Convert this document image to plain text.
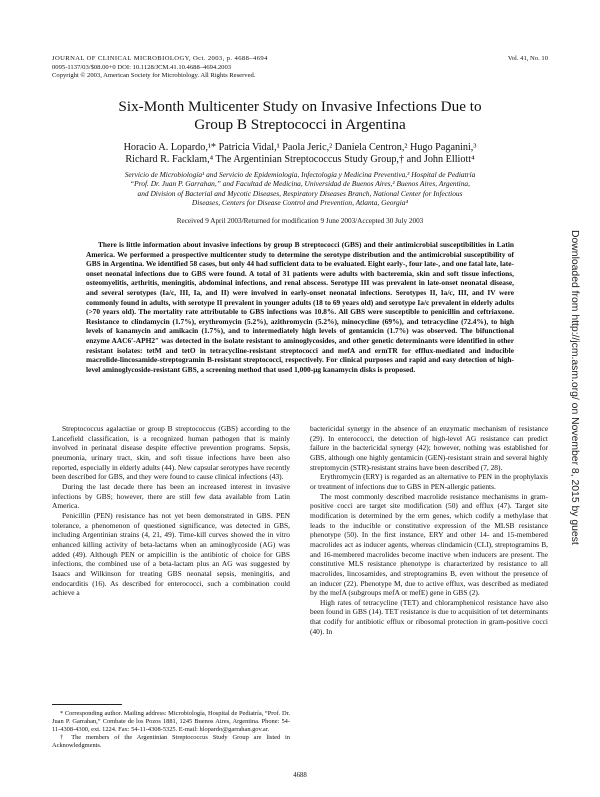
JOURNAL OF CLINICAL MICROBIOLOGY, Oct. 2003, p. 4688–4694
0095-1137/03/$08.00+0 DOI: 10.1128/JCM.41.10.4688–4694.2003
Copyright © 2003, American Society for Microbiology. All Rights Reserved.
Vol. 41, No. 10
Six-Month Multicenter Study on Invasive Infections Due to
Group B Streptococci in Argentina
Horacio A. Lopardo,¹* Patricia Vidal,¹ Paola Jeric,² Daniela Centron,² Hugo Paganini,³
Richard R. Facklam,⁴ The Argentinian Streptococcus Study Group,† and John Elliott⁴
Servicio de Microbiología¹ and Servicio de Epidemiología, Infectología y Medicina Preventiva,³ Hospital de Pediatría
“Prof. Dr. Juan P. Garrahan,” and Facultad de Medicina, Universidad de Buenos Aires,² Buenos Aires, Argentina,
and Division of Bacterial and Mycotic Diseases, Respiratory Diseases Branch, National Center for Infectious
Diseases, Centers for Disease Control and Prevention, Atlanta, Georgia⁴
Received 9 April 2003/Returned for modification 9 June 2003/Accepted 30 July 2003
There is little information about invasive infections by group B streptococci (GBS) and their antimicrobial susceptibilities in Latin America. We performed a prospective multicenter study to determine the serotype distribution and the antimicrobial susceptibility of GBS in Argentina. We identified 58 cases, but only 44 had sufficient data to be evaluated. Eight early-, four late-, and one fatal late, late-onset neonatal infections due to GBS were found. A total of 31 patients were adults with bacteremia, skin and soft tissue infections, osteomyelitis, arthritis, meningitis, abdominal infections, and renal abscess. Serotype III was prevalent in late-onset neonatal disease, and several serotypes (Ia/c, III, Ia, and II) were involved in early-onset neonatal infections. Serotypes II, Ia/c, III, and IV were commonly found in adults, with serotype II prevalent in younger adults (18 to 69 years old) and serotype Ia/c prevalent in elderly adults (>70 years old). The mortality rate attributable to GBS infections was 10.8%. All GBS were susceptible to penicillin and ceftriaxone. Resistance to clindamycin (1.7%), erythromycin (5.2%), azithromycin (5.2%), minocycline (69%), and tetracycline (72.4%), to high levels of kanamycin and amikacin (1.7%), and to intermediately high levels of gentamicin (1.7%) was observed. The bifunctional enzyme AAC6′-APH2″ was detected in the isolate resistant to aminoglycosides, and other genetic determinants were identified in other resistant isolates: tetM and tetO in tetracycline-resistant streptococci and mefA and ermTR for efflux-mediated and inducible macrolide-lincosamide-streptogramin B-resistant streptococci, respectively. For clinical purposes and rapid and easy detection of high-level aminoglycoside-resistant GBS, a screening method that used 1,000-μg kanamycin disks is proposed.

Streptococcus agalactiae or group B streptococcus (GBS) according to the Lancefield classification, is a recognized human pathogen that is mainly involved in perinatal disease despite effective prevention programs. Sepsis, pneumonia, urinary tract, skin, and soft tissue infections have been also reported, especially in elderly adults (44). New capsular serotypes have recently been described for GBS, and they were found to cause clinical infections (43).

During the last decade there has been an increased interest in invasive infections by GBS; however, there are still few data available from Latin America.

Penicillin (PEN) resistance has not yet been demonstrated in GBS. PEN tolerance, a phenomenon of questioned significance, was detected in GBS, including Argentinian strains (4, 21, 49). Time-kill curves showed the in vitro enhanced killing activity of beta-lactams when an aminoglycoside (AG) was added (49). Although PEN or ampicillin is the antibiotic of choice for GBS infections, the combined use of a beta-lactam plus an AG was suggested by Isaacs and Wilkinson for treating GBS neonatal sepsis, meningitis, and endocarditis (16). As described for enterococci, such a combination could achieve a

bactericidal synergy in the absence of an enzymatic mechanism of resistance (29). In enterococci, the detection of high-level AG resistance can predict failure in the bactericidal synergy (42); however, nothing was established for GBS, although one highly gentamicin (GEN)-resistant strain and several highly streptomycin (STR)-resistant strains have been described (7, 28).

Erythromycin (ERY) is regarded as an alternative to PEN in the prophylaxis or treatment of infections due to GBS in PEN-allergic patients.

The most commonly described macrolide resistance mechanisms in gram-positive cocci are target site modification (50) and efflux (47). Target site modification is determined by the erm genes, which codify a methylase that leads to the inducible or constitutive expression of the MLSB resistance phenotype (50). In the first instance, ERY and other 14- and 15-membered macrolides act as inducer agents, whereas clindamicin (CLI), streptogramins B, and 16-membered macrolides become inactive when inducers are present. The constitutive MLS resistance phenotype is characterized by resistance to all macrolides, lincosamides, and streptogramins B, even without the presence of an inducer (22). Phenotype M, due to active efflux, was described as mediated by the mefA (subgroups mefA or mefE) gene in GBS (2).

High rates of tetracycline (TET) and chloramphenicol resistance have also been found in GBS (14). TET resistance is due to acquisition of tet determinants that codify for antibiotic efflux or ribosomal protection in gram-positive cocci (40). In

* Corresponding author. Mailing address: Microbiología, Hospital de Pediatría, “Prof. Dr. Juan P. Garrahan,” Combate de los Pozos 1881, 1245 Buenos Aires, Argentina. Phone: 54-11-4308-4300, ext. 1224. Fax: 54-11-4308-5325. E-mail: hlopardo@garrahan.gov.ar.

† The members of the Argentinian Streptococcus Study Group are listed in Acknowledgments.

4688
Downloaded from http://jcm.asm.org/ on November 8, 2015 by guest
